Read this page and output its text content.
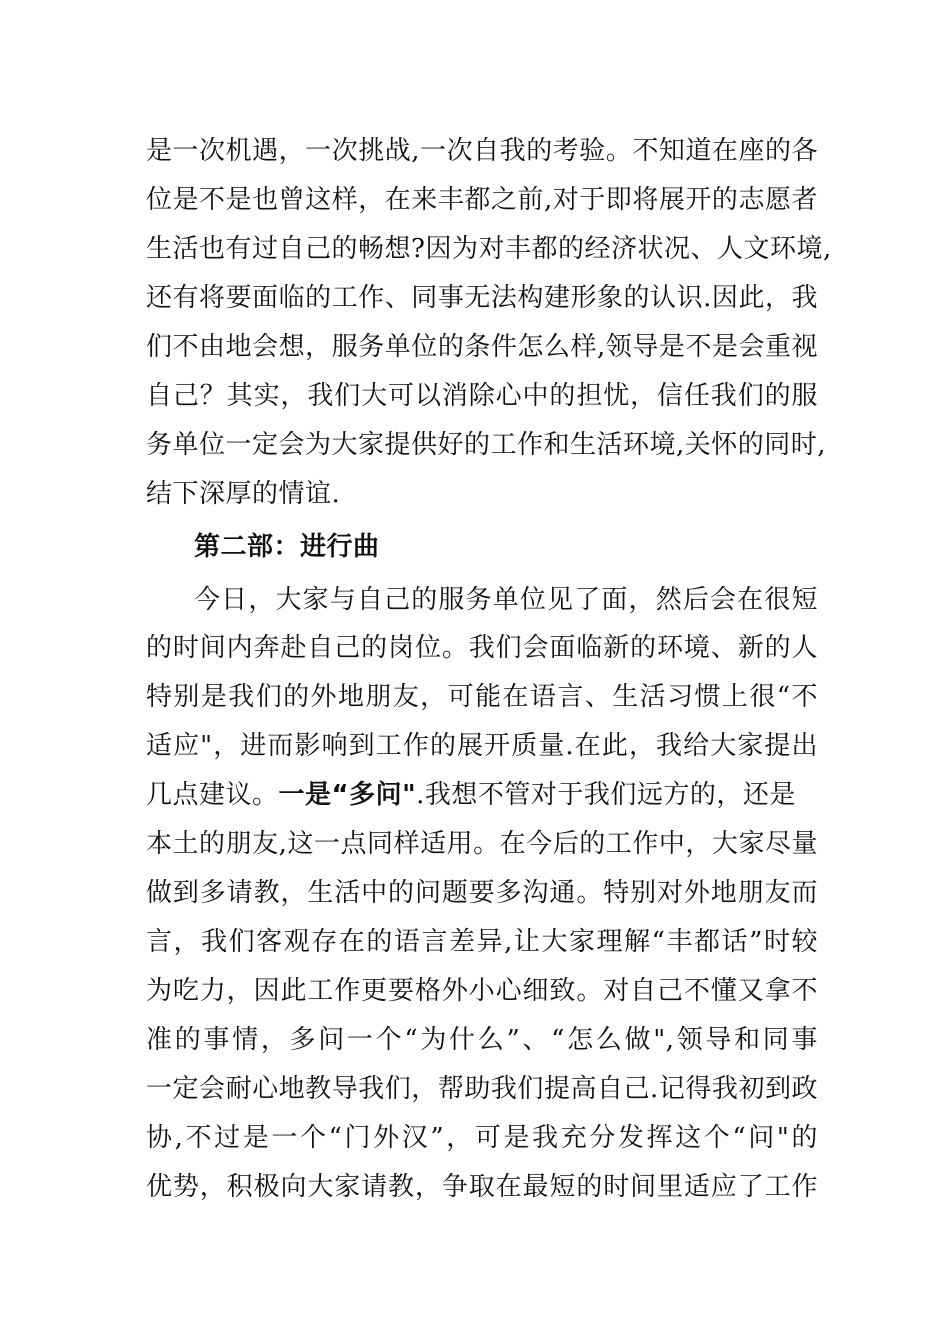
是一次机遇，一次挑战,一次自我的考验。不知道在座的各

位是不是也曾这样，在来丰都之前,对于即将展开的志愿者

生活也有过自己的畅想?因为对丰都的经济状况、人文环境,

还有将要面临的工作、同事无法构建形象的认识.因此，我

们不由地会想，服务单位的条件怎么样,领导是不是会重视

自己？其实，我们大可以消除心中的担忧，信任我们的服

务单位一定会为大家提供好的工作和生活环境,关怀的同时,

结下深厚的情谊.

第二部：进行曲

今日，大家与自己的服务单位见了面，然后会在很短

的时间内奔赴自己的岗位。我们会面临新的环境、新的人

特别是我们的外地朋友，可能在语言、生活习惯上很“不

适应"，进而影响到工作的展开质量.在此，我给大家提出

几点建议。一是“多问".我想不管对于我们远方的，还是

本土的朋友,这一点同样适用。在今后的工作中，大家尽量

做到多请教，生活中的问题要多沟通。特别对外地朋友而

言，我们客观存在的语言差异,让大家理解“丰都话”时较

为吃力，因此工作更要格外小心细致。对自己不懂又拿不

准的事情，多问一个“为什么”、“怎么做",领导和同事

一定会耐心地教导我们，帮助我们提高自己.记得我初到政

协,不过是一个“门外汉”，可是我充分发挥这个“问"的

优势，积极向大家请教，争取在最短的时间里适应了工作
